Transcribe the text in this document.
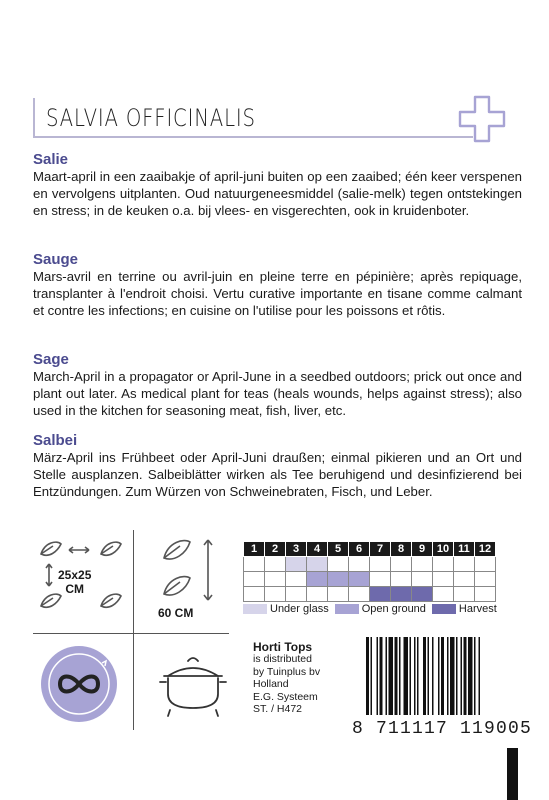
SALVIA OFFICINALIS
Salie

Maart-april in een zaaibakje of april-juni buiten op een zaaibed; één keer verspenen en vervolgens uitplanten. Oud natuurgeneesmiddel (salie-melk) tegen ontstekingen en stress; in de keuken o.a. bij vlees- en visgerechten, ook in kruidenboter.

Sauge

Mars-avril en terrine ou avril-juin en pleine terre en pépinière; après repiquage, transplanter à l'endroit choisi. Vertu curative importante en tisane comme calmant et contre les infections; en cuisine on l'utilise pour les poissons et rôtis.

Sage

March-April in a propagator or April-June in a seedbed outdoors; prick out once and plant out later. As medical plant for teas (heals wounds, helps against stress); also used in the kitchen for seasoning meat, fish, liver, etc.

Salbei

März-April ins Frühbeet oder April-Juni draußen; einmal pikieren und an Ort und Stelle ausplanzen. Salbeiblätter wirken als Tee beruhigend und desinfizierend bei Entzündungen. Zum Würzen von Schweinebraten, Fisch, und Leber.

25x25
CM
60 CM
1	2	3	4	5	6	7	8	9	10	11	12

Under glass	Open ground	Harvest
Horti Tops
is distributed
by Tuinplus bv
Holland
E.G. Systeem
ST. / H472
8 711117 119005
